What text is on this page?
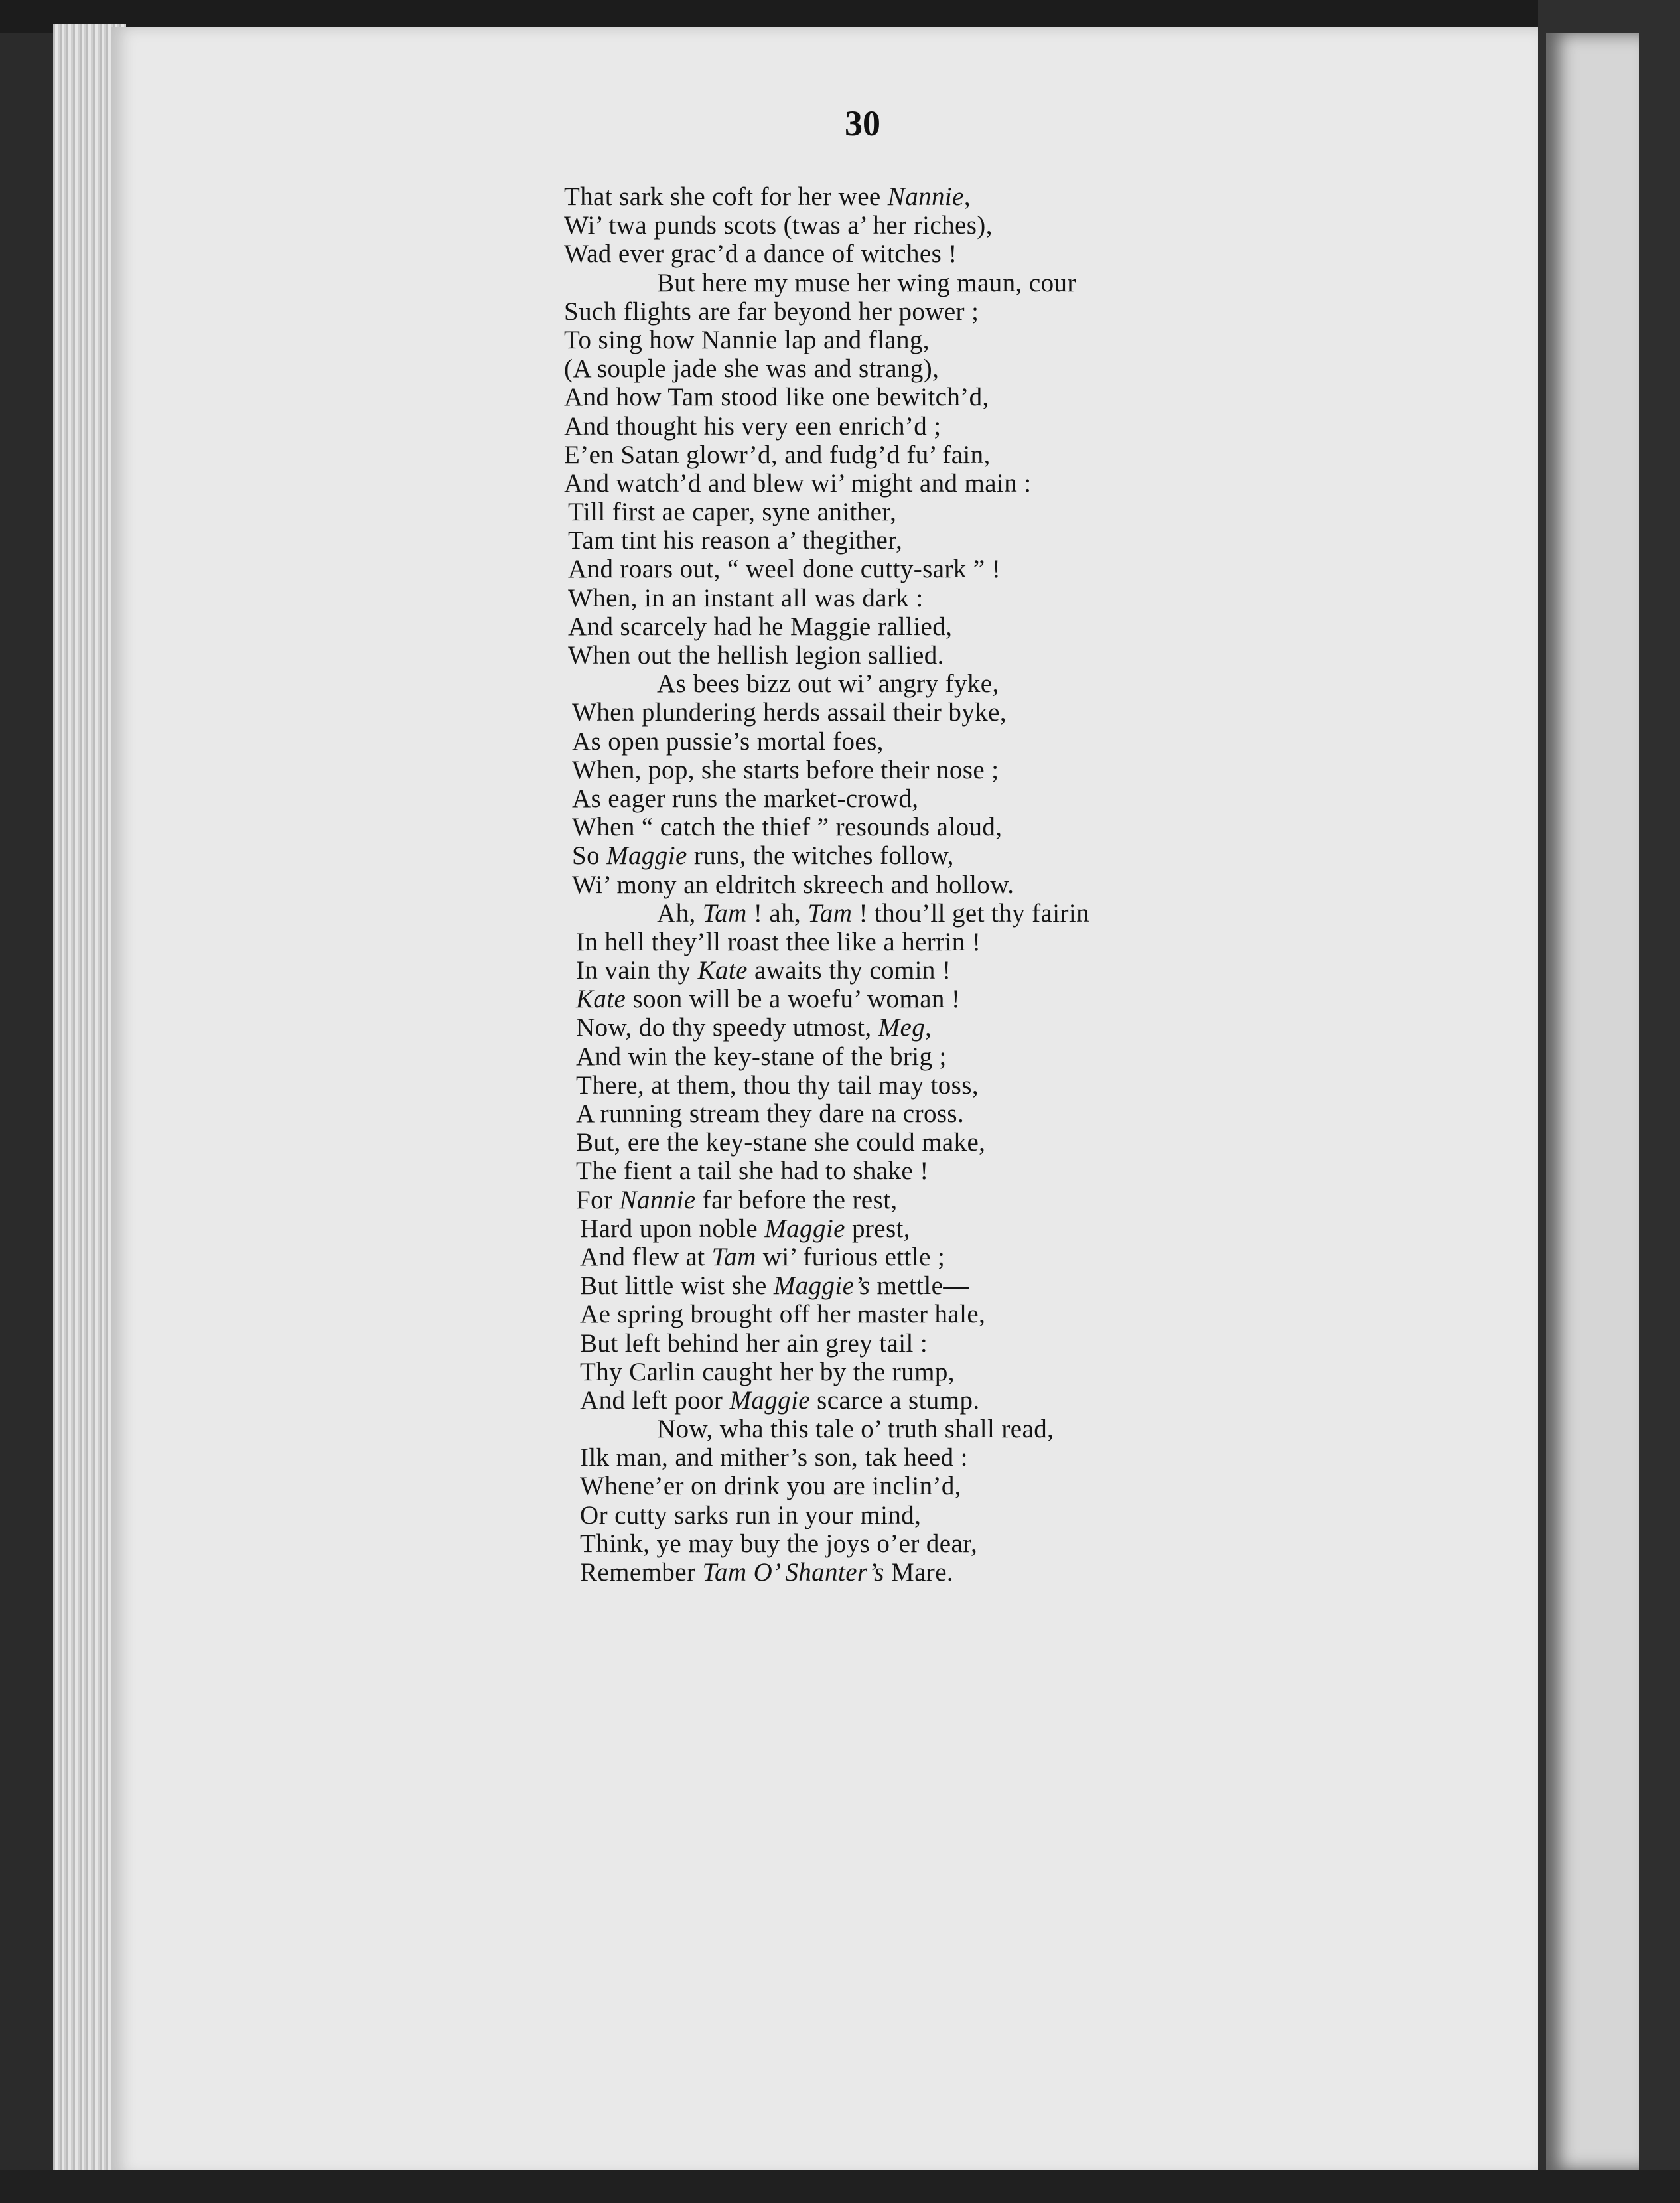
30
That sark she coft for her wee Nannie,
Wi’ twa punds scots (twas a’ her riches),
Wad ever grac’d a dance of witches !
But here my muse her wing maun, cour
Such flights are far beyond her power ;
To sing how Nannie lap and flang,
(A souple jade she was and strang),
And how Tam stood like one bewitch’d,
And thought his very een enrich’d ;
E’en Satan glowr’d, and fudg’d fu’ fain,
And watch’d and blew wi’ might and main :
Till first ae caper, syne anither,
Tam tint his reason a’ thegither,
And roars out, “ weel done cutty-sark ” !
When, in an instant all was dark :
And scarcely had he Maggie rallied,
When out the hellish legion sallied.
As bees bizz out wi’ angry fyke,
When plundering herds assail their byke,
As open pussie’s mortal foes,
When, pop, she starts before their nose ;
As eager runs the market-crowd,
When “ catch the thief ” resounds aloud,
So Maggie runs, the witches follow,
Wi’ mony an eldritch skreech and hollow.
Ah, Tam ! ah, Tam ! thou’ll get thy fairin
In hell they’ll roast thee like a herrin !
In vain thy Kate awaits thy comin !
Kate soon will be a woefu’ woman !
Now, do thy speedy utmost, Meg,
And win the key-stane of the brig ;
There, at them, thou thy tail may toss,
A running stream they dare na cross.
But, ere the key-stane she could make,
The fient a tail she had to shake !
For Nannie far before the rest,
Hard upon noble Maggie prest,
And flew at Tam wi’ furious ettle ;
But little wist she Maggie’s mettle—
Ae spring brought off her master hale,
But left behind her ain grey tail :
Thy Carlin caught her by the rump,
And left poor Maggie scarce a stump.
Now, wha this tale o’ truth shall read,
Ilk man, and mither’s son, tak heed :
Whene’er on drink you are inclin’d,
Or cutty sarks run in your mind,
Think, ye may buy the joys o’er dear,
Remember Tam O’ Shanter’s Mare.
